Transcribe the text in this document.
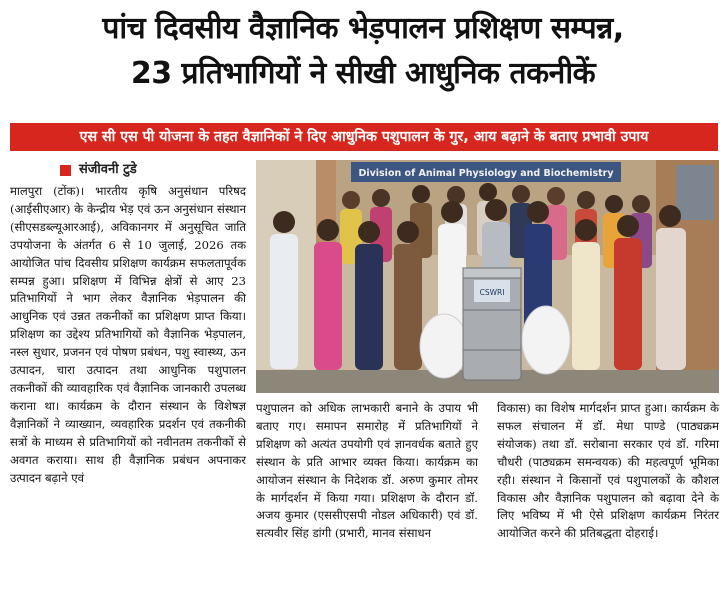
पांच दिवसीय वैज्ञानिक भेड़पालन प्रशिक्षण सम्पन्न,
23 प्रतिभागियों ने सीखी आधुनिक तकनीकें
एस सी एस पी योजना के तहत वैज्ञानिकों ने दिए आधुनिक पशुपालन के गुर, आय बढ़ाने के बताए प्रभावी उपाय
संजीवनी टुडे

मालपुरा (टोंक)। भारतीय कृषि अनुसंधान परिषद (आईसीएआर) के केन्द्रीय भेड़ एवं ऊन अनुसंधान संस्थान (सीएसडब्ल्यूआरआई), अविकानगर में अनुसूचित जाति उपयोजना के अंतर्गत 6 से 10 जुलाई, 2026 तक आयोजित पांच दिवसीय प्रशिक्षण कार्यक्रम सफलतापूर्वक सम्पन्न हुआ। प्रशिक्षण में विभिन्न क्षेत्रों से आए 23 प्रतिभागियों ने भाग लेकर वैज्ञानिक भेड़पालन की आधुनिक एवं उन्नत तकनीकों का प्रशिक्षण प्राप्त किया। प्रशिक्षण का उद्देश्य प्रतिभागियों को वैज्ञानिक भेड़पालन, नस्ल सुधार, प्रजनन एवं पोषण प्रबंधन, पशु स्वास्थ्य, ऊन उत्पादन, चारा उत्पादन तथा आधुनिक पशुपालन तकनीकों की व्यावहारिक एवं वैज्ञानिक जानकारी उपलब्ध कराना था। कार्यक्रम के दौरान संस्थान के विशेषज्ञ वैज्ञानिकों ने व्याख्यान, व्यवहारिक प्रदर्शन एवं तकनीकी सत्रों के माध्यम से प्रतिभागियों को नवीनतम तकनीकों से अवगत कराया। साथ ही वैज्ञानिक प्रबंधन अपनाकर उत्पादन बढ़ाने एवं

Division of Animal Physiology and Biochemistry
CSWRI

पशुपालन को अधिक लाभकारी बनाने के उपाय भी बताए गए। समापन समारोह में प्रतिभागियों ने प्रशिक्षण को अत्यंत उपयोगी एवं ज्ञानवर्धक बताते हुए संस्थान के प्रति आभार व्यक्त किया। कार्यक्रम का आयोजन संस्थान के निदेशक डॉ. अरुण कुमार तोमर के मार्गदर्शन में किया गया। प्रशिक्षण के दौरान डॉ. अजय कुमार (एससीएसपी नोडल अधिकारी) एवं डॉ. सत्यवीर सिंह डांगी (प्रभारी, मानव संसाधन

विकास) का विशेष मार्गदर्शन प्राप्त हुआ। कार्यक्रम के सफल संचालन में डॉ. मेधा पाण्डे (पाठ्यक्रम संयोजक) तथा डॉ. सरोबाना सरकार एवं डॉ. गरिमा चौधरी (पाठ्यक्रम समन्वयक) की महत्वपूर्ण भूमिका रही। संस्थान ने किसानों एवं पशुपालकों के कौशल विकास और वैज्ञानिक पशुपालन को बढ़ावा देने के लिए भविष्य में भी ऐसे प्रशिक्षण कार्यक्रम निरंतर आयोजित करने की प्रतिबद्धता दोहराई।
